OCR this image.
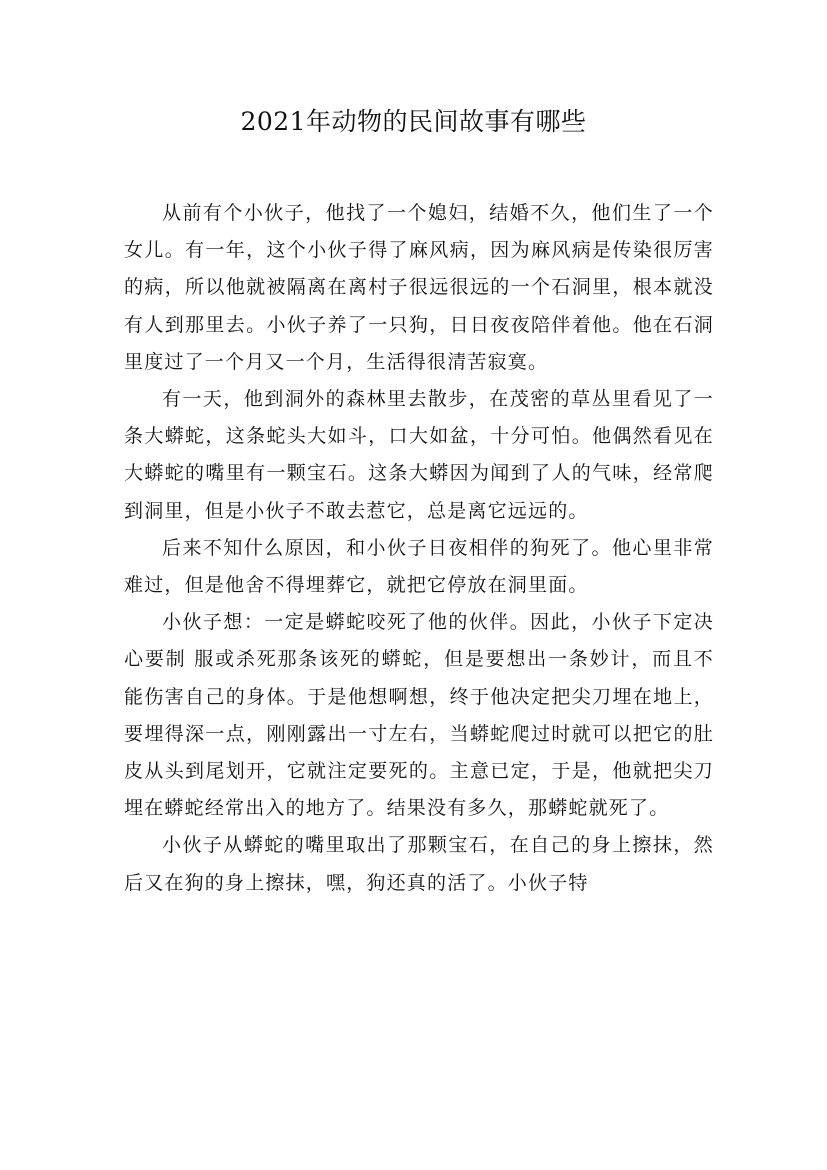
2021年动物的民间故事有哪些

从前有个小伙子，他找了一个媳妇，结婚不久，他们生了一个女儿。有一年，这个小伙子得了麻风病，因为麻风病是传染很厉害的病，所以他就被隔离在离村子很远很远的一个石洞里，根本就没有人到那里去。小伙子养了一只狗，日日夜夜陪伴着他。他在石洞里度过了一个月又一个月，生活得很清苦寂寞。

有一天，他到洞外的森林里去散步，在茂密的草丛里看见了一条大蟒蛇，这条蛇头大如斗，口大如盆，十分可怕。他偶然看见在大蟒蛇的嘴里有一颗宝石。这条大蟒因为闻到了人的气味，经常爬到洞里，但是小伙子不敢去惹它，总是离它远远的。

后来不知什么原因，和小伙子日夜相伴的狗死了。他心里非常难过，但是他舍不得埋葬它，就把它停放在洞里面。

小伙子想：一定是蟒蛇咬死了他的伙伴。因此，小伙子下定决心要制 服或杀死那条该死的蟒蛇，但是要想出一条妙计，而且不能伤害自己的身体。于是他想啊想，终于他决定把尖刀埋在地上，要埋得深一点，刚刚露出一寸左右，当蟒蛇爬过时就可以把它的肚皮从头到尾划开，它就注定要死的。主意已定，于是，他就把尖刀埋在蟒蛇经常出入的地方了。结果没有多久，那蟒蛇就死了。

小伙子从蟒蛇的嘴里取出了那颗宝石，在自己的身上擦抹，然后又在狗的身上擦抹，嘿，狗还真的活了。小伙子特
